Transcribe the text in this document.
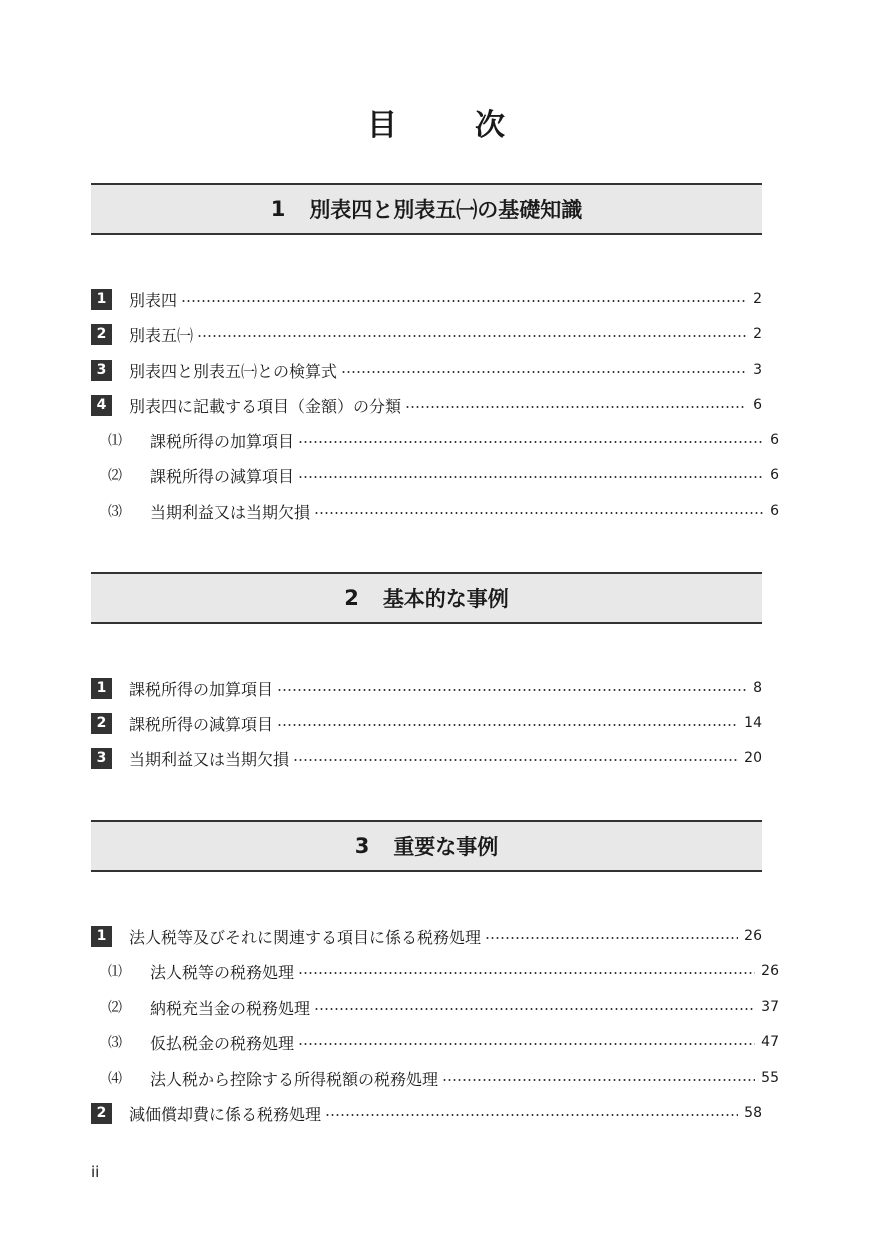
目　次
1 別表四と別表五㈠の基礎知識
1	別表四	2
2	別表五㈠	2
3	別表四と別表五㈠との検算式	3
4	別表四に記載する項目（金額）の分類	6
⑴	課税所得の加算項目	6
⑵	課税所得の減算項目	6
⑶	当期利益又は当期欠損	6
2 基本的な事例
1	課税所得の加算項目	8
2	課税所得の減算項目	14
3	当期利益又は当期欠損	20
3 重要な事例
1	法人税等及びそれに関連する項目に係る税務処理	26
⑴	法人税等の税務処理	26
⑵	納税充当金の税務処理	37
⑶	仮払税金の税務処理	47
⑷	法人税から控除する所得税額の税務処理	55
2	減価償却費に係る税務処理	58
ii
